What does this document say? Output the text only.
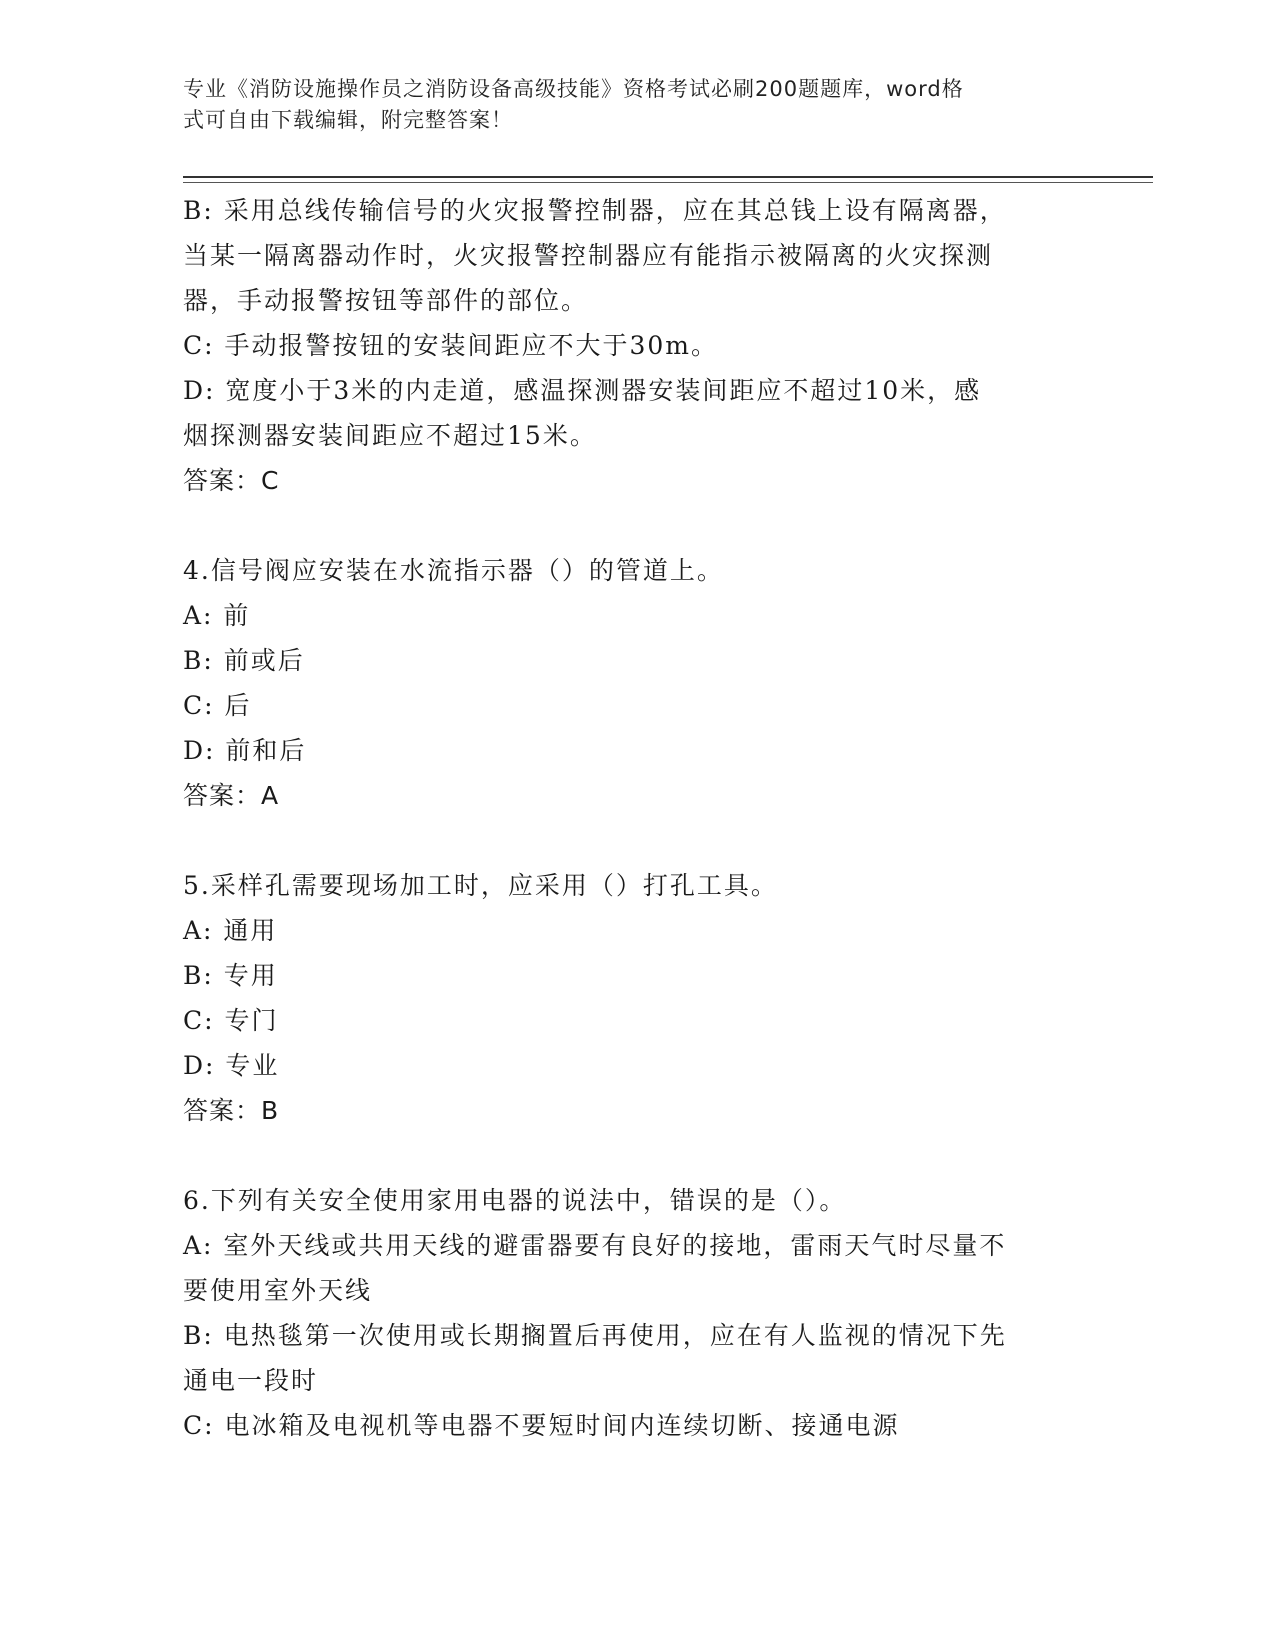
专业《消防设施操作员之消防设备高级技能》资格考试必刷200题题库，word格
式可自由下载编辑，附完整答案！
B: 采用总线传输信号的火灾报警控制器，应在其总钱上设有隔离器，
当某一隔离器动作时，火灾报警控制器应有能指示被隔离的火灾探测
器，手动报警按钮等部件的部位。
C: 手动报警按钮的安装间距应不大于30m。
D: 宽度小于3米的内走道，感温探测器安装间距应不超过10米，感
烟探测器安装间距应不超过15米。
答案：C
4.信号阀应安装在水流指示器（）的管道上。
A: 前
B: 前或后
C: 后
D: 前和后
答案：A
5.采样孔需要现场加工时，应采用（）打孔工具。
A: 通用
B: 专用
C: 专门
D: 专业
答案：B
6.下列有关安全使用家用电器的说法中，错误的是（）。
A: 室外天线或共用天线的避雷器要有良好的接地，雷雨天气时尽量不
要使用室外天线
B: 电热毯第一次使用或长期搁置后再使用，应在有人监视的情况下先
通电一段时
C: 电冰箱及电视机等电器不要短时间内连续切断、接通电源
